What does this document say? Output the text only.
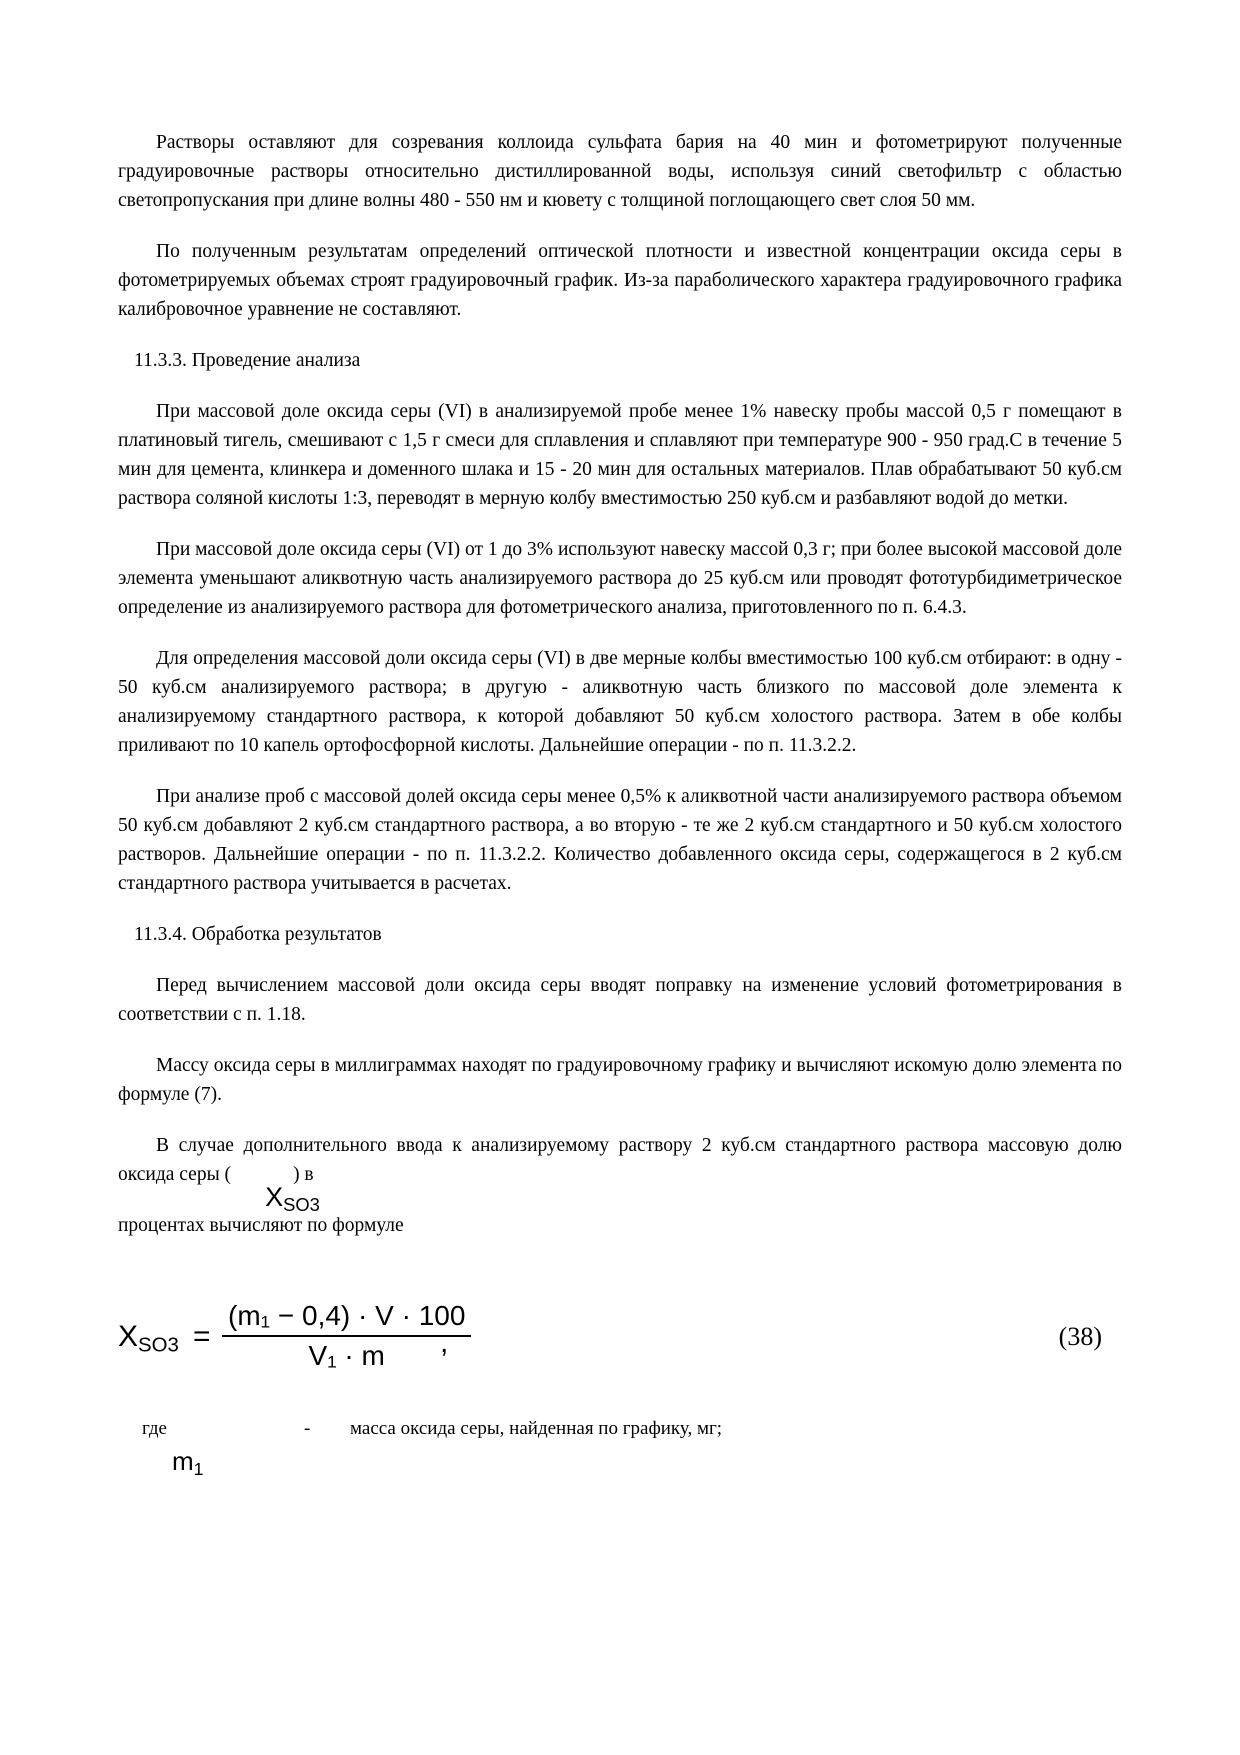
Растворы оставляют для созревания коллоида сульфата бария на 40 мин и фотометрируют полученные градуировочные растворы относительно дистиллированной воды, используя синий светофильтр с областью светопропускания при длине волны 480 - 550 нм и кювету с толщиной поглощающего свет слоя 50 мм.

По полученным результатам определений оптической плотности и известной концентрации оксида серы в фотометрируемых объемах строят градуировочный график. Из-за параболического характера градуировочного графика калибровочное уравнение не составляют.

11.3.3. Проведение анализа

При массовой доле оксида серы (VI) в анализируемой пробе менее 1% навеску пробы массой 0,5 г помещают в платиновый тигель, смешивают с 1,5 г смеси для сплавления и сплавляют при температуре 900 - 950 град.С в течение 5 мин для цемента, клинкера и доменного шлака и 15 - 20 мин для остальных материалов. Плав обрабатывают 50 куб.см раствора соляной кислоты 1:3, переводят в мерную колбу вместимостью 250 куб.см и разбавляют водой до метки.

При массовой доле оксида серы (VI) от 1 до 3% используют навеску массой 0,3 г; при более высокой массовой доле элемента уменьшают аликвотную часть анализируемого раствора до 25 куб.см или проводят фототурбидиметрическое определение из анализируемого раствора для фотометрического анализа, приготовленного по п. 6.4.3.

Для определения массовой доли оксида серы (VI) в две мерные колбы вместимостью 100 куб.см отбирают: в одну - 50 куб.см анализируемого раствора; в другую - аликвотную часть близкого по массовой доле элемента к анализируемому стандартного раствора, к которой добавляют 50 куб.см холостого раствора. Затем в обе колбы приливают по 10 капель ортофосфорной кислоты. Дальнейшие операции - по п. 11.3.2.2.

При анализе проб с массовой долей оксида серы менее 0,5% к аликвотной части анализируемого раствора объемом 50 куб.см добавляют 2 куб.см стандартного раствора, а во вторую - те же 2 куб.см стандартного и 50 куб.см холостого растворов. Дальнейшие операции - по п. 11.3.2.2. Количество добавленного оксида серы, содержащегося в 2 куб.см стандартного раствора учитывается в расчетах.

11.3.4. Обработка результатов

Перед вычислением массовой доли оксида серы вводят поправку на изменение условий фотометрирования в соответствии с п. 1.18.

Массу оксида серы в миллиграммах находят по градуировочному графику и вычисляют искомую долю элемента по формуле (7).

В случае дополнительного ввода к анализируемому раствору 2 куб.см стандартного раствора массовую долю оксида серы (
$X_{SO3}$
) в

процентах вычисляют по формуле

$X_{SO3}$ =
(m₁ − 0,4) · V · 100
V₁ · m	,	(38)
где	- масса оксида серы, найденная по графику, мг;
$m_1$
